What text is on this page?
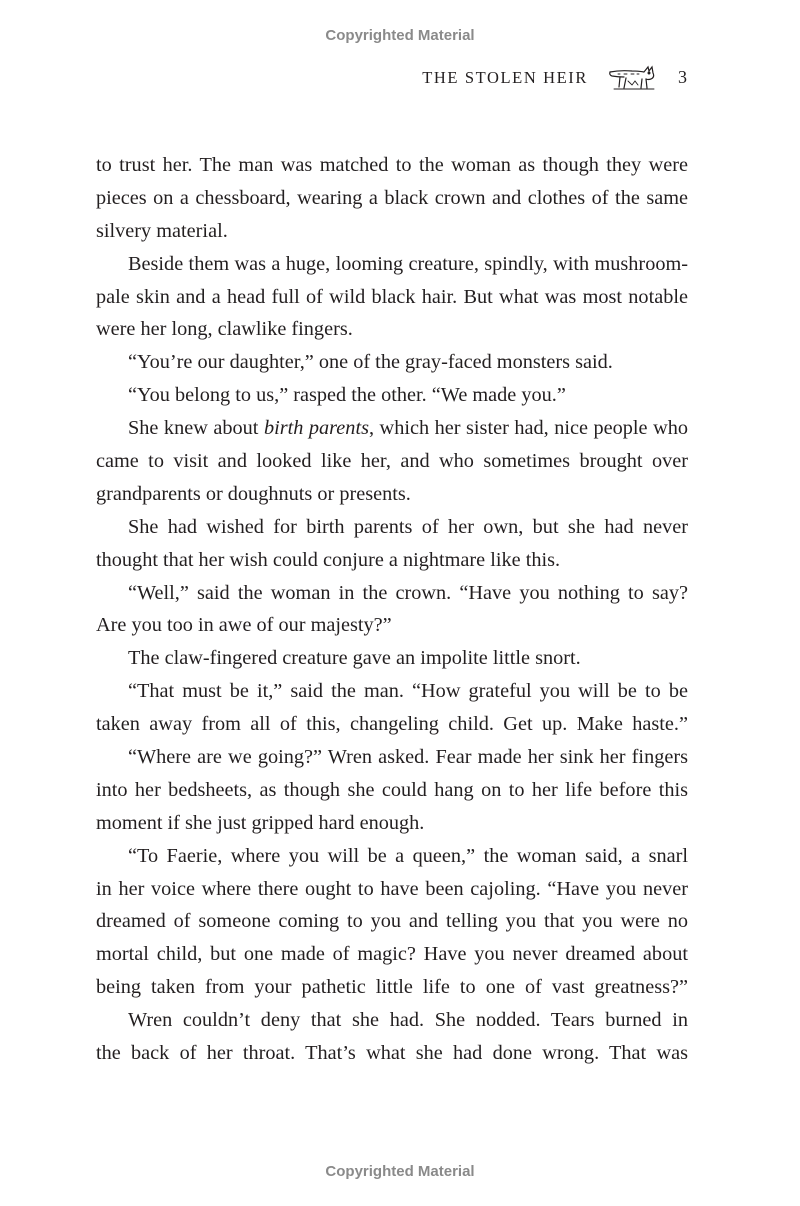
Copyrighted Material
THE STOLEN HEIR	3
to trust her. The man was matched to the woman as though they were
pieces on a chessboard, wearing a black crown and clothes of the same
silvery material.
Beside them was a huge, looming creature, spindly, with mushroom-
pale skin and a head full of wild black hair. But what was most notable
were her long, clawlike fingers.
“You’re our daughter,” one of the gray-faced monsters said.
“You belong to us,” rasped the other. “We made you.”
She knew about birth parents, which her sister had, nice people who
came to visit and looked like her, and who sometimes brought over
grandparents or doughnuts or presents.
She had wished for birth parents of her own, but she had never
thought that her wish could conjure a nightmare like this.
“Well,” said the woman in the crown. “Have you nothing to say?
Are you too in awe of our majesty?”
The claw-fingered creature gave an impolite little snort.
“That must be it,” said the man. “How grateful you will be to be
taken away from all of this, changeling child. Get up. Make haste.”
“Where are we going?” Wren asked. Fear made her sink her fingers
into her bedsheets, as though she could hang on to her life before this
moment if she just gripped hard enough.
“To Faerie, where you will be a queen,” the woman said, a snarl
in her voice where there ought to have been cajoling. “Have you never
dreamed of someone coming to you and telling you that you were no
mortal child, but one made of magic? Have you never dreamed about
being taken from your pathetic little life to one of vast greatness?”
Wren couldn’t deny that she had. She nodded. Tears burned in
the back of her throat. That’s what she had done wrong. That was
Copyrighted Material
